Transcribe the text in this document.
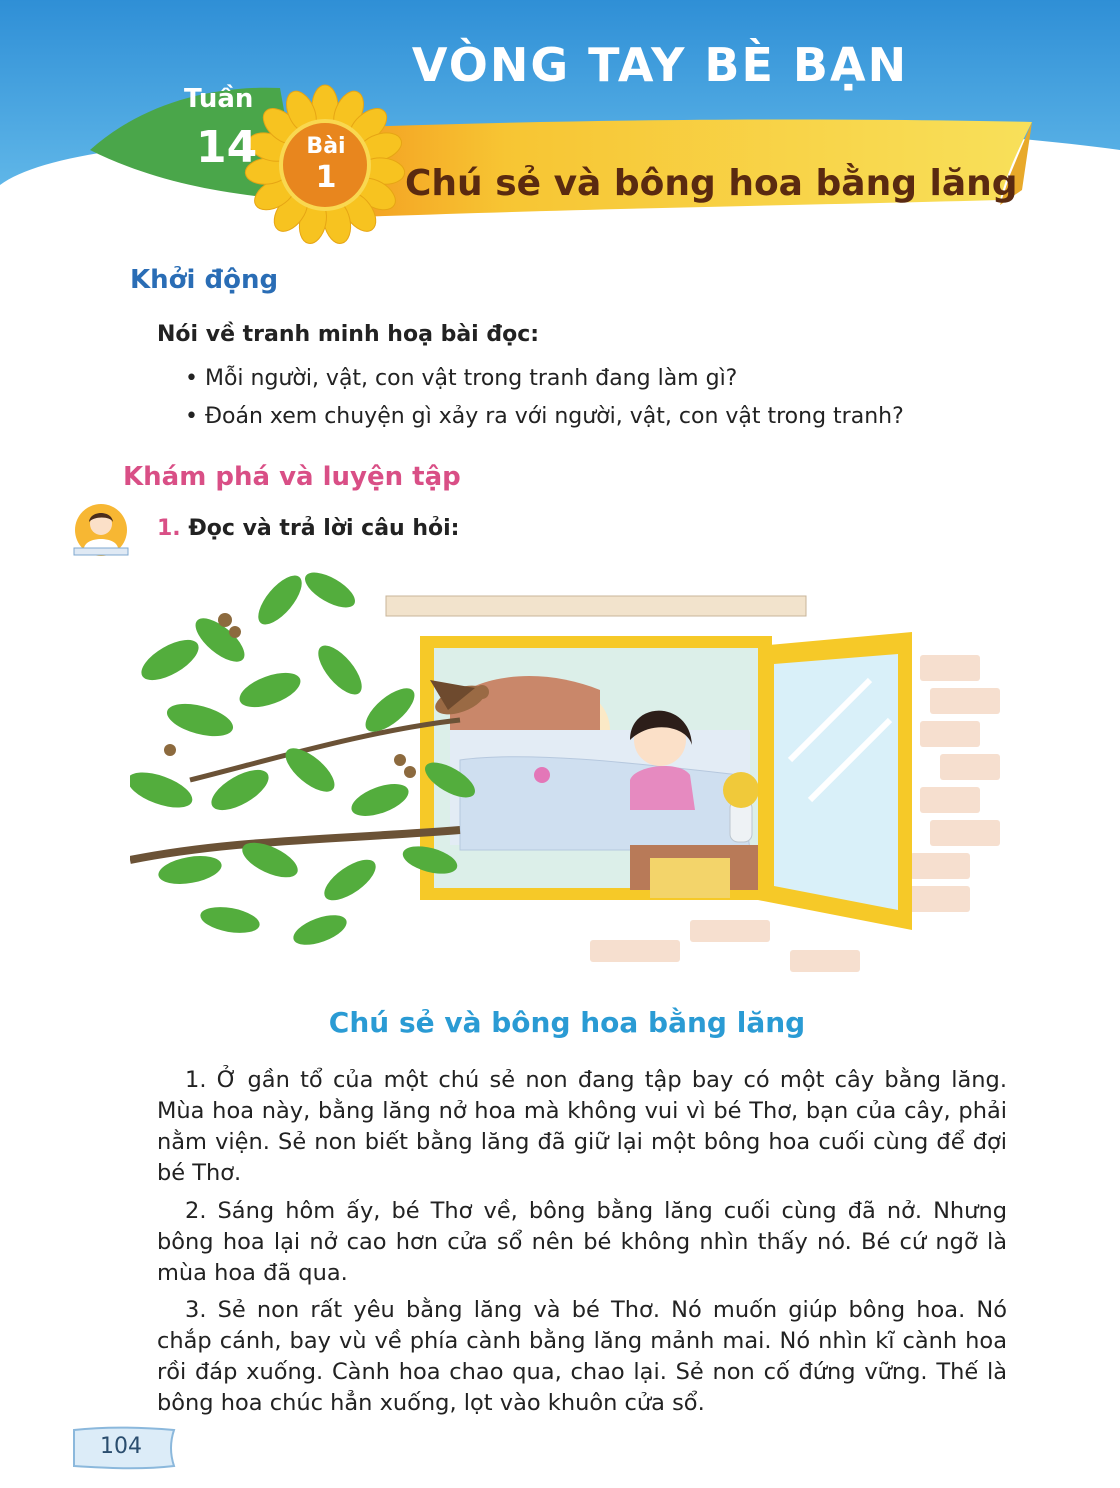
VÒNG TAY BÈ BẠN
Tuần
14 Bài
1	Chú sẻ và bông hoa bằng lăng
Khởi động
Nói về tranh minh hoạ bài đọc:
• Mỗi người, vật, con vật trong tranh đang làm gì?
• Đoán xem chuyện gì xảy ra với người, vật, con vật trong tranh?
Khám phá và luyện tập
1. Đọc và trả lời câu hỏi:
Chú sẻ và bông hoa bằng lăng

1. Ở gần tổ của một chú sẻ non đang tập bay có một cây bằng lăng. Mùa hoa này, bằng lăng nở hoa mà không vui vì bé Thơ, bạn của cây, phải nằm viện. Sẻ non biết bằng lăng đã giữ lại một bông hoa cuối cùng để đợi bé Thơ.

2. Sáng hôm ấy, bé Thơ về, bông bằng lăng cuối cùng đã nở. Nhưng bông hoa lại nở cao hơn cửa sổ nên bé không nhìn thấy nó. Bé cứ ngỡ là mùa hoa đã qua.

3. Sẻ non rất yêu bằng lăng và bé Thơ. Nó muốn giúp bông hoa. Nó chắp cánh, bay vù về phía cành bằng lăng mảnh mai. Nó nhìn kĩ cành hoa rồi đáp xuống. Cành hoa chao qua, chao lại. Sẻ non cố đứng vững. Thế là bông hoa chúc hẳn xuống, lọt vào khuôn cửa sổ.

104
